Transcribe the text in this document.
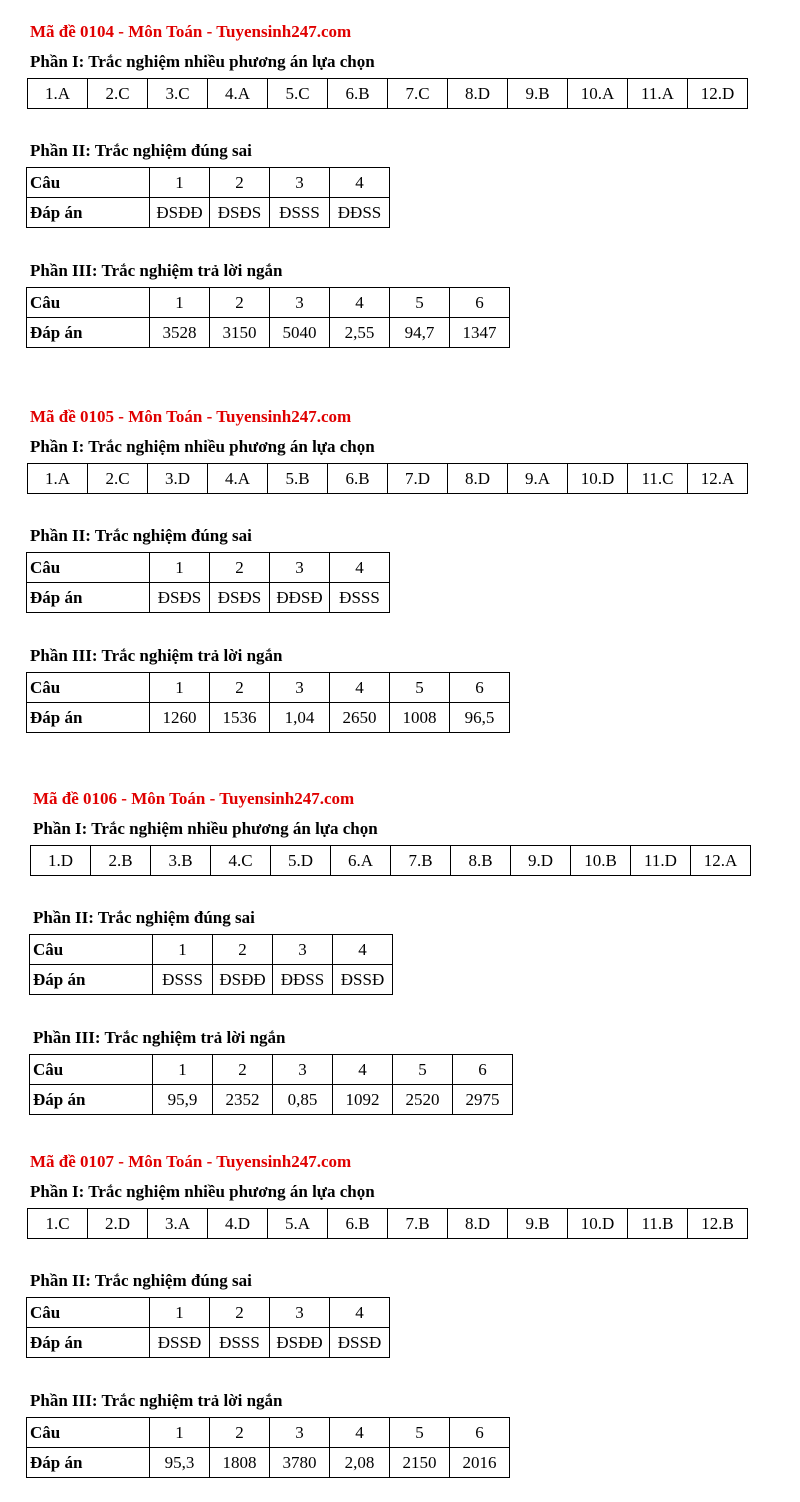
Mã đề 0104 - Môn Toán - Tuyensinh247.com
Phần I: Trắc nghiệm nhiều phương án lựa chọn
1.A	2.C	3.C	4.A	5.C	6.B	7.C	8.D	9.B	10.A	11.A	12.D
Phần II: Trắc nghiệm đúng sai
Câu	1	2	3	4
Đáp án	ĐSĐĐ	ĐSĐS	ĐSSS	ĐĐSS
Phần III: Trắc nghiệm trả lời ngắn
Câu	1	2	3	4	5	6
Đáp án	3528	3150	5040	2,55	94,7	1347
Mã đề 0105 - Môn Toán - Tuyensinh247.com
Phần I: Trắc nghiệm nhiều phương án lựa chọn
1.A	2.C	3.D	4.A	5.B	6.B	7.D	8.D	9.A	10.D	11.C	12.A
Phần II: Trắc nghiệm đúng sai
Câu	1	2	3	4
Đáp án	ĐSĐS	ĐSĐS	ĐĐSĐ	ĐSSS
Phần III: Trắc nghiệm trả lời ngắn
Câu	1	2	3	4	5	6
Đáp án	1260	1536	1,04	2650	1008	96,5
Mã đề 0106 - Môn Toán - Tuyensinh247.com
Phần I: Trắc nghiệm nhiều phương án lựa chọn
1.D	2.B	3.B	4.C	5.D	6.A	7.B	8.B	9.D	10.B	11.D	12.A
Phần II: Trắc nghiệm đúng sai
Câu	1	2	3	4
Đáp án	ĐSSS	ĐSĐĐ	ĐĐSS	ĐSSĐ
Phần III: Trắc nghiệm trả lời ngắn
Câu	1	2	3	4	5	6
Đáp án	95,9	2352	0,85	1092	2520	2975
Mã đề 0107 - Môn Toán - Tuyensinh247.com
Phần I: Trắc nghiệm nhiều phương án lựa chọn
1.C	2.D	3.A	4.D	5.A	6.B	7.B	8.D	9.B	10.D	11.B	12.B
Phần II: Trắc nghiệm đúng sai
Câu	1	2	3	4
Đáp án	ĐSSĐ	ĐSSS	ĐSĐĐ	ĐSSĐ
Phần III: Trắc nghiệm trả lời ngắn
Câu	1	2	3	4	5	6
Đáp án	95,3	1808	3780	2,08	2150	2016
